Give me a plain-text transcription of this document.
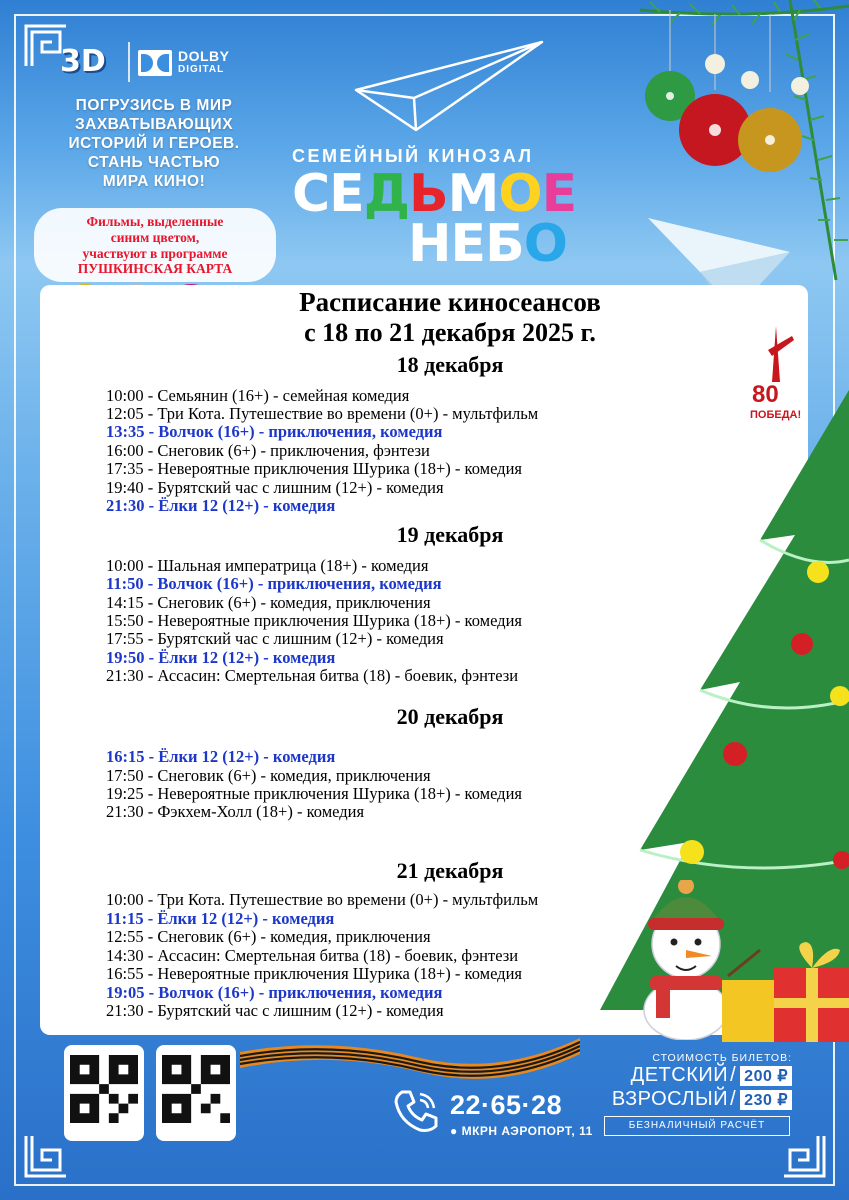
3D	DOLBY
DIGITAL
ПОГРУЗИСЬ В МИР
ЗАХВАТЫВАЮЩИХ
ИСТОРИЙ И ГЕРОЕВ.
СТАНЬ ЧАСТЬЮ
МИРА КИНО!
Фильмы, выделенные
синим цветом,
участвуют в программе
ПУШКИНСКАЯ КАРТА
СЕМЕЙНЫЙ КИНОЗАЛ
СЕДЬМОЕ
НЕБО
80
ПОБЕДА!
Расписание киносеансов
с 18 по 21 декабря 2025 г.
18 декабря
10:00 - Семьянин (16+) - семейная комедия
12:05 - Три Кота. Путешествие во времени (0+) - мультфильм
13:35 - Волчок (16+) - приключения, комедия
16:00 - Снеговик (6+) - приключения, фэнтези
17:35 - Невероятные приключения Шурика (18+) - комедия
19:40 - Бурятский час с лишним (12+) - комедия
21:30 - Ёлки 12 (12+) - комедия
19 декабря
10:00 - Шальная императрица (18+) - комедия
11:50 - Волчок (16+) - приключения, комедия
14:15 - Снеговик (6+) - комедия, приключения
15:50 - Невероятные приключения Шурика (18+) - комедия
17:55 - Бурятский час с лишним (12+) - комедия
19:50 - Ёлки 12 (12+) - комедия
21:30 - Ассасин: Смертельная битва (18) - боевик, фэнтези
20 декабря
16:15 - Ёлки 12 (12+) - комедия
17:50 - Снеговик (6+) - комедия, приключения
19:25 - Невероятные приключения Шурика (18+) - комедия
21:30 - Фэкхем-Холл (18+) - комедия
21 декабря
10:00 - Три Кота. Путешествие во времени (0+) - мультфильм
11:15 - Ёлки 12 (12+) - комедия
12:55 - Снеговик (6+) - комедия, приключения
14:30 - Ассасин: Смертельная битва (18) - боевик, фэнтези
16:55 - Невероятные приключения Шурика (18+) - комедия
19:05 - Волчок (16+) - приключения, комедия
21:30 - Бурятский час с лишним (12+) - комедия
22·65·28
● МКРН АЭРОПОРТ, 11
СТОИМОСТЬ БИЛЕТОВ:
ДЕТСКИЙ / 200 ₽
ВЗРОСЛЫЙ / 230 ₽
БЕЗНАЛИЧНЫЙ РАСЧЁТ
